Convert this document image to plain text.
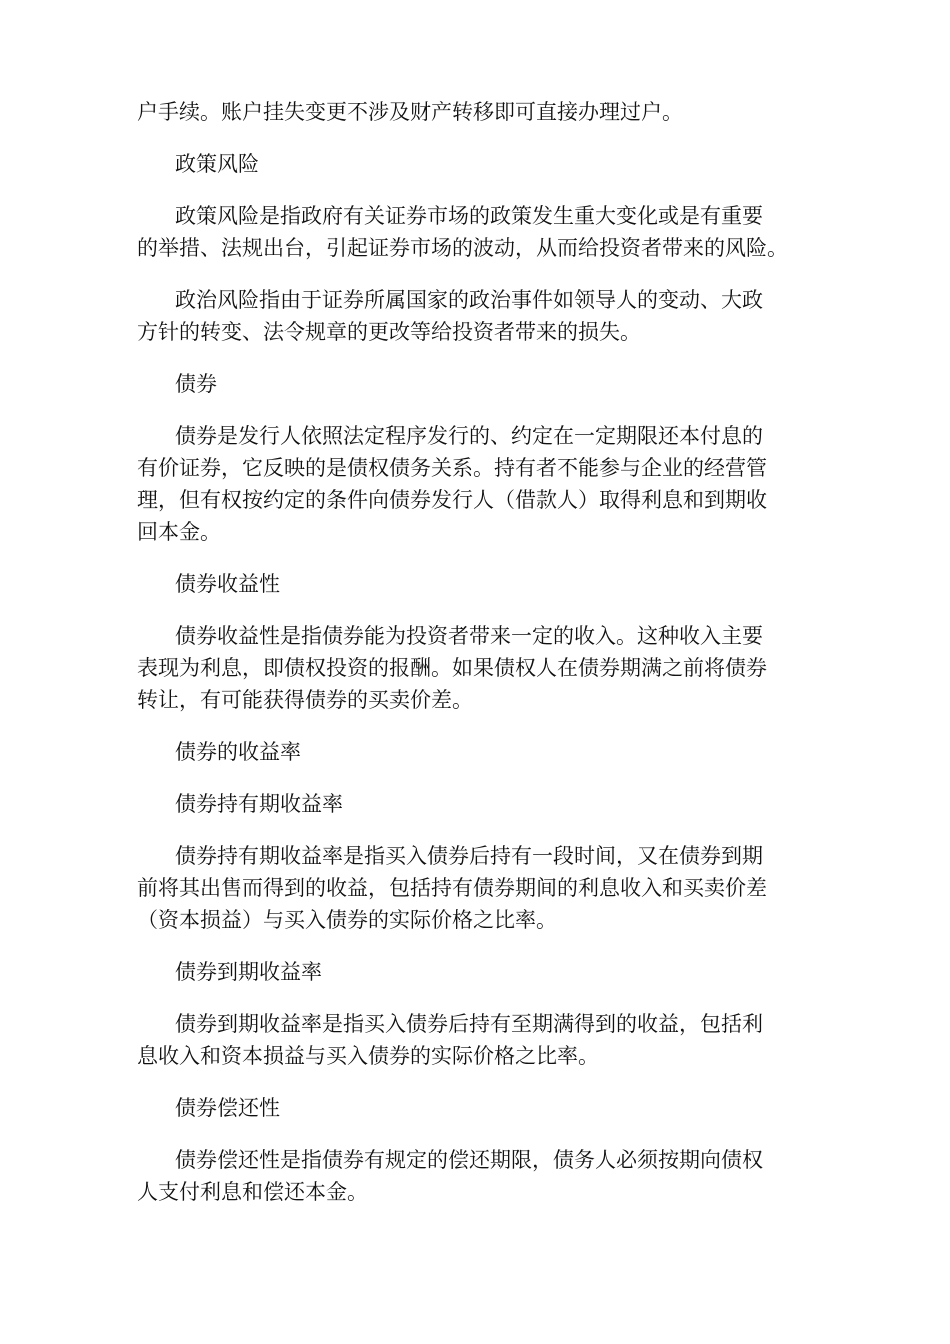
户手续。账户挂失变更不涉及财产转移即可直接办理过户。
政策风险
政策风险是指政府有关证券市场的政策发生重大变化或是有重要
的举措、法规出台，引起证券市场的波动，从而给投资者带来的风险。
政治风险指由于证券所属国家的政治事件如领导人的变动、大政
方针的转变、法令规章的更改等给投资者带来的损失。
债券
债券是发行人依照法定程序发行的、约定在一定期限还本付息的
有价证券，它反映的是债权债务关系。持有者不能参与企业的经营管
理，但有权按约定的条件向债券发行人（借款人）取得利息和到期收
回本金。
债券收益性
债券收益性是指债券能为投资者带来一定的收入。这种收入主要
表现为利息，即债权投资的报酬。如果债权人在债券期满之前将债券
转让，有可能获得债券的买卖价差。
债券的收益率
债券持有期收益率
债券持有期收益率是指买入债券后持有一段时间，又在债券到期
前将其出售而得到的收益，包括持有债券期间的利息收入和买卖价差
（资本损益）与买入债券的实际价格之比率。
债券到期收益率
债券到期收益率是指买入债券后持有至期满得到的收益，包括利
息收入和资本损益与买入债券的实际价格之比率。
债券偿还性
债券偿还性是指债券有规定的偿还期限，债务人必须按期向债权
人支付利息和偿还本金。
